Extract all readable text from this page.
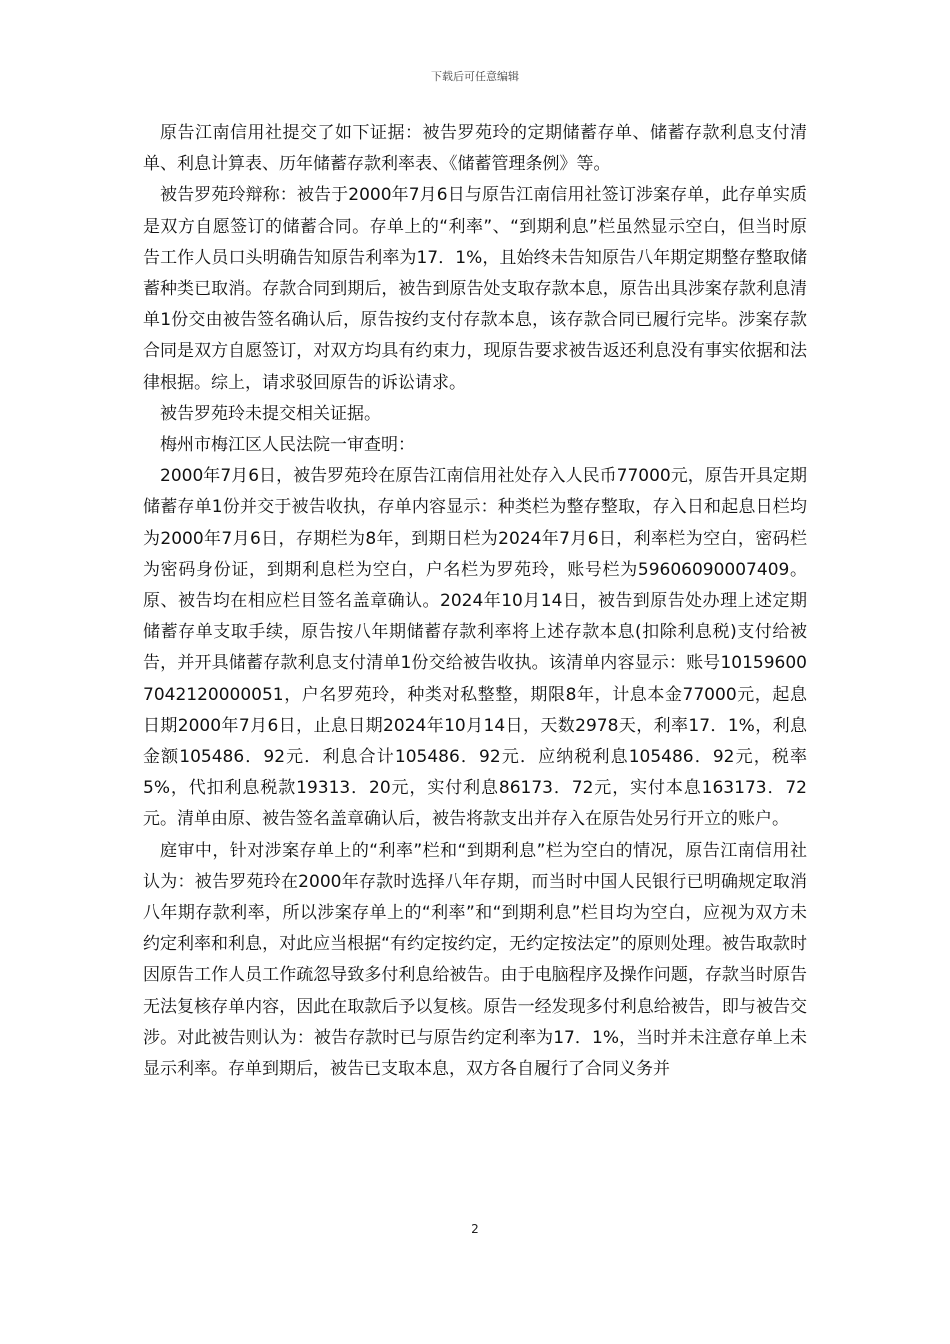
下载后可任意编辑

原告江南信用社提交了如下证据：被告罗苑玲的定期储蓄存单、储蓄存款利息支付清单、利息计算表、历年储蓄存款利率表、《储蓄管理条例》等。

被告罗苑玲辩称：被告于2000年7月6日与原告江南信用社签订涉案存单，此存单实质是双方自愿签订的储蓄合同。存单上的“利率”、“到期利息”栏虽然显示空白，但当时原告工作人员口头明确告知原告利率为17．1%，且始终未告知原告八年期定期整存整取储蓄种类已取消。存款合同到期后，被告到原告处支取存款本息，原告出具涉案存款利息清单1份交由被告签名确认后，原告按约支付存款本息，该存款合同已履行完毕。涉案存款合同是双方自愿签订，对双方均具有约束力，现原告要求被告返还利息没有事实依据和法律根据。综上，请求驳回原告的诉讼请求。

被告罗苑玲未提交相关证据。

梅州市梅江区人民法院一审查明：

2000年7月6日，被告罗苑玲在原告江南信用社处存入人民币77000元，原告开具定期储蓄存单1份并交于被告收执，存单内容显示：种类栏为整存整取，存入日和起息日栏均为2000年7月6日，存期栏为8年，到期日栏为2024年7月6日，利率栏为空白，密码栏为密码身份证，到期利息栏为空白，户名栏为罗苑玲，账号栏为59606090007409。原、被告均在相应栏目签名盖章确认。2024年10月14日，被告到原告处办理上述定期储蓄存单支取手续，原告按八年期储蓄存款利率将上述存款本息(扣除利息税)支付给被告，并开具储蓄存款利息支付清单1份交给被告收执。该清单内容显示：账号101596007042120000051，户名罗苑玲，种类对私整整，期限8年，计息本金77000元，起息日期2000年7月6日，止息日期2024年10月14日，天数2978天，利率17．1%，利息金额105486．92元．利息合计105486．92元．应纳税利息105486．92元，税率5%，代扣利息税款19313．20元，实付利息86173．72元，实付本息163173．72元。清单由原、被告签名盖章确认后，被告将款支出并存入在原告处另行开立的账户。

庭审中，针对涉案存单上的“利率”栏和“到期利息”栏为空白的情况，原告江南信用社认为：被告罗苑玲在2000年存款时选择八年存期，而当时中国人民银行已明确规定取消八年期存款利率，所以涉案存单上的“利率”和“到期利息”栏目均为空白，应视为双方未约定利率和利息，对此应当根据“有约定按约定，无约定按法定”的原则处理。被告取款时因原告工作人员工作疏忽导致多付利息给被告。由于电脑程序及操作问题，存款当时原告无法复核存单内容，因此在取款后予以复核。原告一经发现多付利息给被告，即与被告交涉。对此被告则认为：被告存款时已与原告约定利率为17．1%，当时并未注意存单上未显示利率。存单到期后，被告已支取本息，双方各自履行了合同义务并

2
